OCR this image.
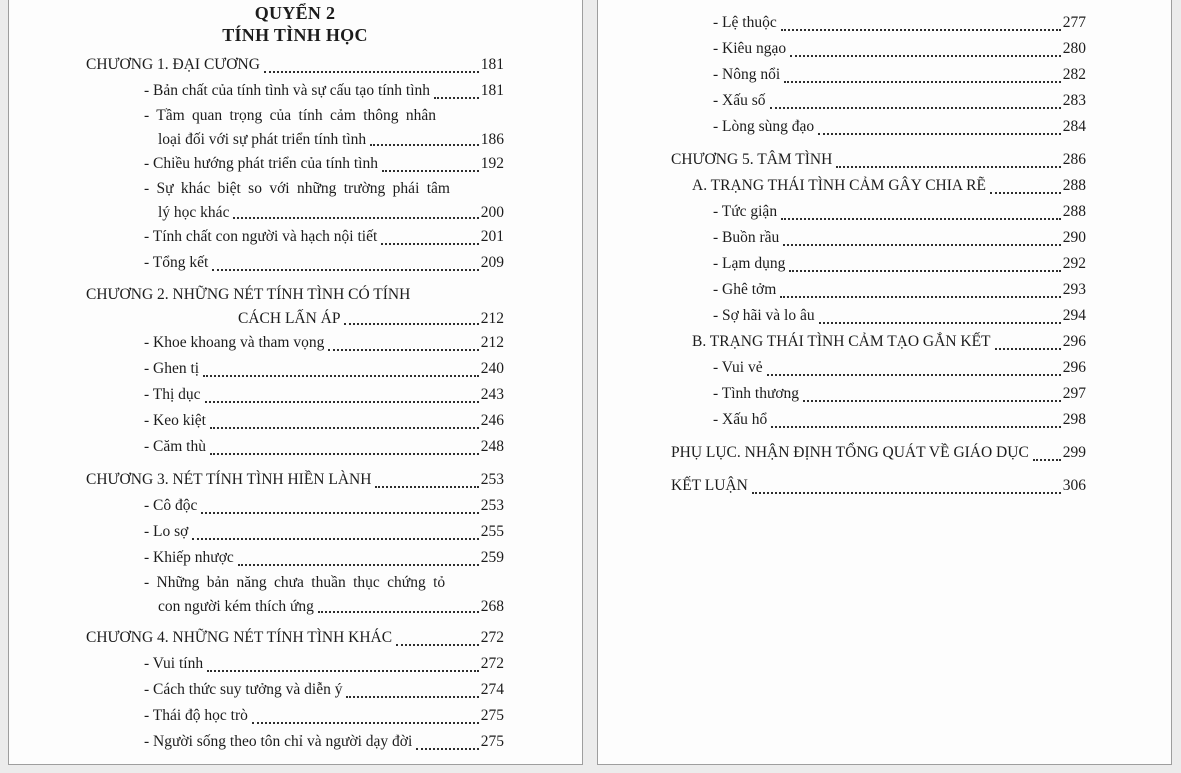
QUYỂN 2
TÍNH TÌNH HỌC
CHƯƠNG 1. ĐẠI CƯƠNG	181
- Bản chất của tính tình và sự cấu tạo tính tình	181
- Tầm quan trọng của tính cảm thông nhân
loại đối với sự phát triển tính tình	186
- Chiều hướng phát triển của tính tình	192
- Sự khác biệt so với những trường phái tâm
lý học khác	200
- Tính chất con người và hạch nội tiết	201
- Tổng kết	209
CHƯƠNG 2. NHỮNG NÉT TÍNH TÌNH CÓ TÍNH
CÁCH LẤN ÁP	212
- Khoe khoang và tham vọng	212
- Ghen tị	240
- Thị dục	243
- Keo kiệt	246
- Căm thù	248
CHƯƠNG 3. NÉT TÍNH TÌNH HIỀN LÀNH	253
- Cô độc	253
- Lo sợ	255
- Khiếp nhược	259
- Những bản năng chưa thuần thục chứng tỏ
con người kém thích ứng	268
CHƯƠNG 4. NHỮNG NÉT TÍNH TÌNH KHÁC	272
- Vui tính	272
- Cách thức suy tưởng và diễn ý	274
- Thái độ học trò	275
- Người sống theo tôn chỉ và người dạy đời	275
- Lệ thuộc	277
- Kiêu ngạo	280
- Nông nổi	282
- Xấu số	283
- Lòng sùng đạo	284
CHƯƠNG 5. TÂM TÌNH	286
A. TRẠNG THÁI TÌNH CẢM GÂY CHIA RẼ	288
- Tức giận	288
- Buồn rầu	290
- Lạm dụng	292
- Ghê tởm	293
- Sợ hãi và lo âu	294
B. TRẠNG THÁI TÌNH CẢM TẠO GẮN KẾT	296
- Vui vẻ	296
- Tình thương	297
- Xấu hổ	298
PHỤ LỤC. NHẬN ĐỊNH TỔNG QUÁT VỀ GIÁO DỤC 299
KẾT LUẬN	306
